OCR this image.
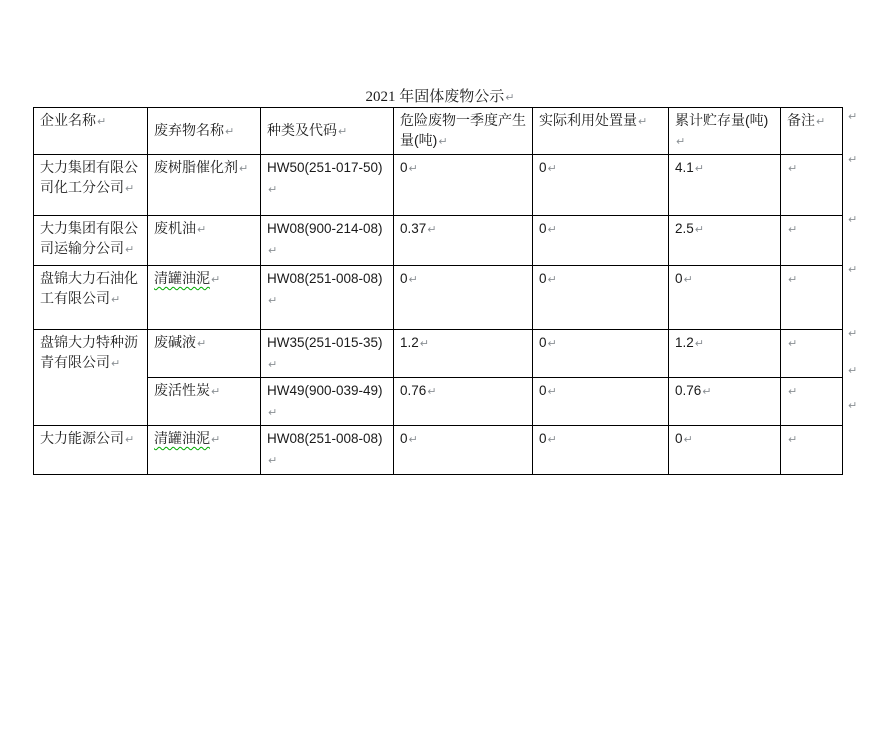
2021 年固体废物公示↵
企业名称↵	废弃物名称↵	种类及代码↵	危险废物一季度产生量(吨)↵	实际利用处置量↵	累计贮存量(吨)↵	备注↵
大力集团有限公司化工分公司↵	废树脂催化剂↵	HW50(251-017-50)↵	0↵	0↵	4.1↵	↵
大力集团有限公司运输分公司↵	废机油↵	HW08(900-214-08)↵	0.37↵	0↵	2.5↵	↵
盘锦大力石油化工有限公司↵	清罐油泥↵	HW08(251-008-08)↵	0↵	0↵	0↵	↵
盘锦大力特种沥青有限公司↵	废碱液↵	HW35(251-015-35)↵	1.2↵	0↵	1.2↵	↵
	废活性炭↵	HW49(900-039-49)↵	0.76↵	0↵	0.76↵	↵
大力能源公司↵	清罐油泥↵	HW08(251-008-08)↵	0↵	0↵	0↵	↵
↵
↵
↵
↵
↵
↵
↵
